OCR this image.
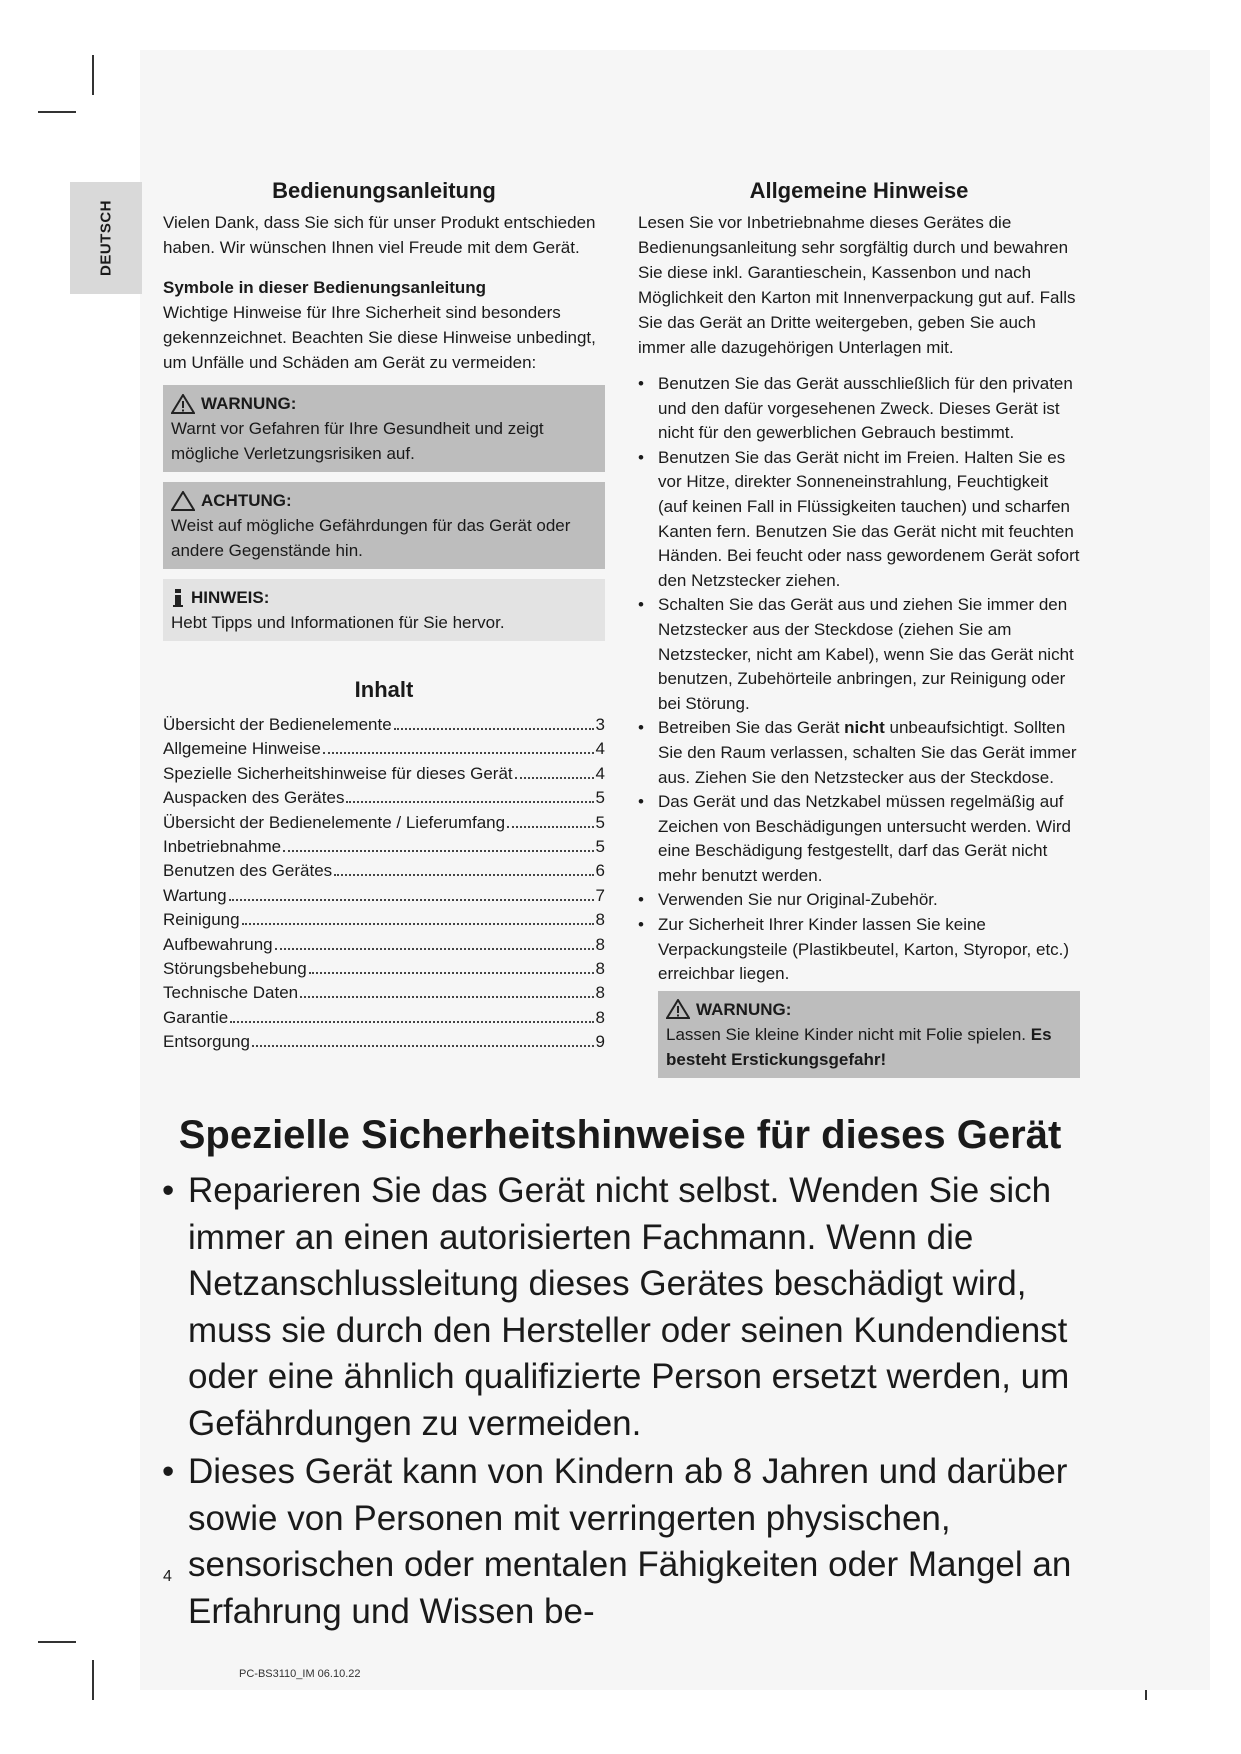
DEUTSCH
Bedienungsanleitung

Vielen Dank, dass Sie sich für unser Produkt entschieden haben. Wir wünschen Ihnen viel Freude mit dem Gerät.

Symbole in dieser Bedienungsanleitung

Wichtige Hinweise für Ihre Sicherheit sind besonders gekennzeichnet. Beachten Sie diese Hinweise unbedingt, um Unfälle und Schäden am Gerät zu vermeiden:

WARNUNG:
Warnt vor Gefahren für Ihre Gesundheit und zeigt mögliche Verletzungsrisiken auf.
ACHTUNG:
Weist auf mögliche Gefährdungen für das Gerät oder andere Gegenstände hin.
HINWEIS:
Hebt Tipps und Informationen für Sie hervor.
Inhalt
Übersicht der Bedienelemente	3
Allgemeine Hinweise	4
Spezielle Sicherheitshinweise für dieses Gerät	4
Auspacken des Gerätes	5
Übersicht der Bedienelemente / Lieferumfang	5
Inbetriebnahme	5
Benutzen des Gerätes	6
Wartung	7
Reinigung	8
Aufbewahrung	8
Störungsbehebung	8
Technische Daten	8
Garantie	8
Entsorgung	9
Allgemeine Hinweise

Lesen Sie vor Inbetriebnahme dieses Gerätes die Bedienungsanleitung sehr sorgfältig durch und bewahren Sie diese inkl. Garantieschein, Kassenbon und nach Möglichkeit den Karton mit Innenverpackung gut auf. Falls Sie das Gerät an Dritte weitergeben, geben Sie auch immer alle dazugehörigen Unterlagen mit.

• Benutzen Sie das Gerät ausschließlich für den privaten und den dafür vorgesehenen Zweck. Dieses Gerät ist nicht für den gewerblichen Gebrauch bestimmt.
• Benutzen Sie das Gerät nicht im Freien. Halten Sie es vor Hitze, direkter Sonneneinstrahlung, Feuchtigkeit (auf keinen Fall in Flüssigkeiten tauchen) und scharfen Kanten fern. Benutzen Sie das Gerät nicht mit feuchten Händen. Bei feucht oder nass gewordenem Gerät sofort den Netzstecker ziehen.
• Schalten Sie das Gerät aus und ziehen Sie immer den Netzstecker aus der Steckdose (ziehen Sie am Netzstecker, nicht am Kabel), wenn Sie das Gerät nicht benutzen, Zubehörteile anbringen, zur Reinigung oder bei Störung.
• Betreiben Sie das Gerät nicht unbeaufsichtigt. Sollten Sie den Raum verlassen, schalten Sie das Gerät immer aus. Ziehen Sie den Netzstecker aus der Steckdose.
• Das Gerät und das Netzkabel müssen regelmäßig auf Zeichen von Beschädigungen untersucht werden. Wird eine Beschädigung festgestellt, darf das Gerät nicht mehr benutzt werden.
• Verwenden Sie nur Original-Zubehör.
• Zur Sicherheit Ihrer Kinder lassen Sie keine Verpackungsteile (Plastikbeutel, Karton, Styropor, etc.) erreichbar liegen.
WARNUNG:
Lassen Sie kleine Kinder nicht mit Folie spielen. Es besteht Erstickungsgefahr!
Spezielle Sicherheitshinweise für dieses Gerät
• Reparieren Sie das Gerät nicht selbst. Wenden Sie sich immer an einen autorisierten Fachmann. Wenn die Netzanschlussleitung dieses Gerätes beschädigt wird, muss sie durch den Hersteller oder seinen Kundendienst oder eine ähnlich qualifizierte Person ersetzt werden, um Gefährdungen zu vermeiden.
• Dieses Gerät kann von Kindern ab 8 Jahren und darüber sowie von Personen mit verringerten physischen, sensorischen oder mentalen Fähigkeiten oder Mangel an Erfahrung und Wissen be-
4
PC-BS3110_IM 06.10.22
